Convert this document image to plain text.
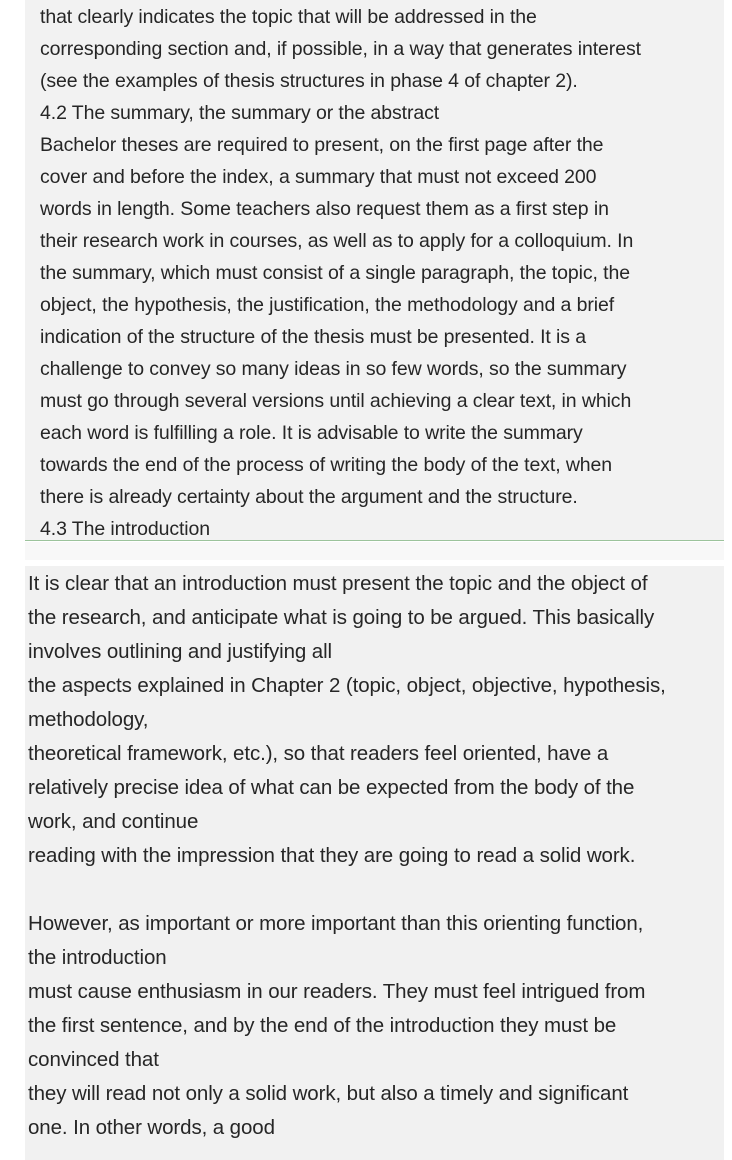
that clearly indicates the topic that will be addressed in the
corresponding section and, if possible, in a way that generates interest
(see the examples of thesis structures in phase 4 of chapter 2).
4.2 The summary, the summary or the abstract
Bachelor theses are required to present, on the first page after the
cover and before the index, a summary that must not exceed 200
words in length. Some teachers also request them as a first step in
their research work in courses, as well as to apply for a colloquium. In
the summary, which must consist of a single paragraph, the topic, the
object, the hypothesis, the justification, the methodology and a brief
indication of the structure of the thesis must be presented. It is a
challenge to convey so many ideas in so few words, so the summary
must go through several versions until achieving a clear text, in which
each word is fulfilling a role. It is advisable to write the summary
towards the end of the process of writing the body of the text, when
there is already certainty about the argument and the structure.
4.3 The introduction
It is clear that an introduction must present the topic and the object of
the research, and anticipate what is going to be argued. This basically
involves outlining and justifying all
the aspects explained in Chapter 2 (topic, object, objective, hypothesis,
methodology,
theoretical framework, etc.), so that readers feel oriented, have a
relatively precise idea of what can be expected from the body of the
work, and continue
reading with the impression that they are going to read a solid work.
However, as important or more important than this orienting function,
the introduction
must cause enthusiasm in our readers. They must feel intrigued from
the first sentence, and by the end of the introduction they must be
convinced that
they will read not only a solid work, but also a timely and significant
one. In other words, a good
